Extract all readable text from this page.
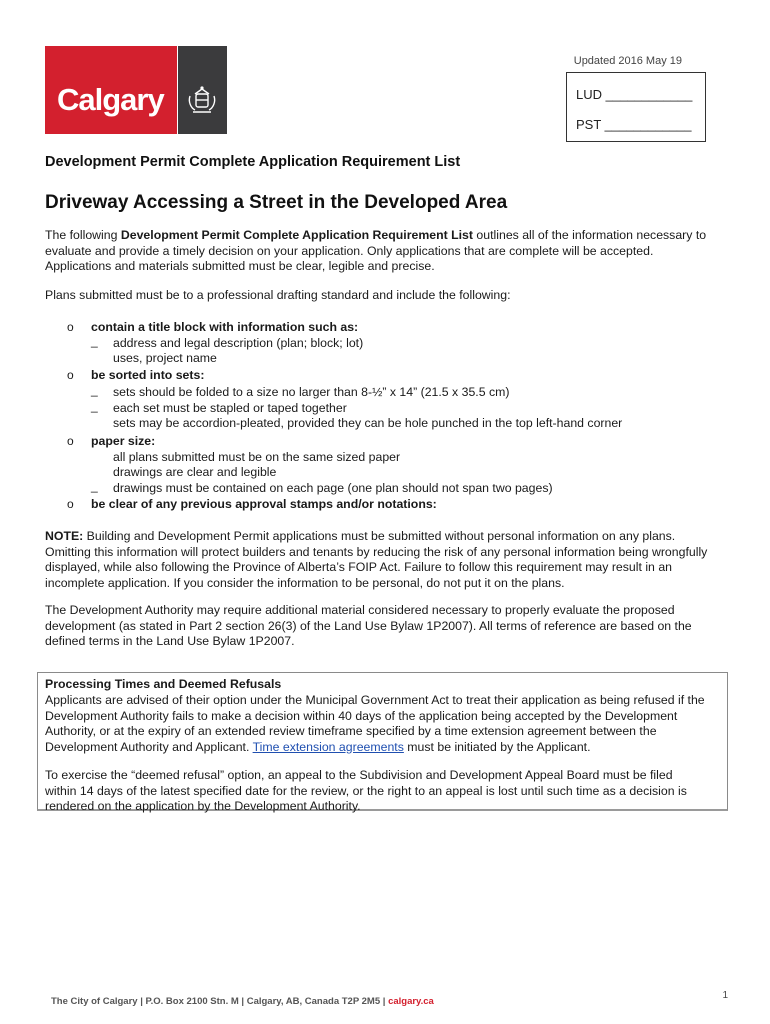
Calgary
Updated 2016 May 19
LUD ____________
PST ____________
Development Permit Complete Application Requirement List
Driveway Accessing a Street in the Developed Area
The following Development Permit Complete Application Requirement List outlines all of the information necessary to
evaluate and provide a timely decision on your application. Only applications that are complete will be accepted.
Applications and materials submitted must be clear, legible and precise.
Plans submitted must be to a professional drafting standard and include the following:
o contain a title block with information such as:
_ address and legal description (plan; block; lot)
uses, project name
o be sorted into sets:
_ sets should be folded to a size no larger than 8-½” x 14” (21.5 x 35.5 cm)
_ each set must be stapled or taped together
sets may be accordion-pleated, provided they can be hole punched in the top left-hand corner
o paper size:
all plans submitted must be on the same sized paper
drawings are clear and legible
_ drawings must be contained on each page (one plan should not span two pages)
o be clear of any previous approval stamps and/or notations:
NOTE: Building and Development Permit applications must be submitted without personal information on any plans.
Omitting this information will protect builders and tenants by reducing the risk of any personal information being wrongfully
displayed, while also following the Province of Alberta’s FOIP Act. Failure to follow this requirement may result in an
incomplete application. If you consider the information to be personal, do not put it on the plans.
The Development Authority may require additional material considered necessary to properly evaluate the proposed
development (as stated in Part 2 section 26(3) of the Land Use Bylaw 1P2007). All terms of reference are based on the
defined terms in the Land Use Bylaw 1P2007.
Processing Times and Deemed Refusals
Applicants are advised of their option under the Municipal Government Act to treat their application as being refused if the
Development Authority fails to make a decision within 40 days of the application being accepted by the Development
Authority, or at the expiry of an extended review timeframe specified by a time extension agreement between the
Development Authority and Applicant. Time extension agreements must be initiated by the Applicant.
To exercise the “deemed refusal” option, an appeal to the Subdivision and Development Appeal Board must be filed
within 14 days of the latest specified date for the review, or the right to an appeal is lost until such time as a decision is
rendered on the application by the Development Authority.
The City of Calgary | P.O. Box 2100 Stn. M | Calgary, AB, Canada T2P 2M5 | calgary.ca
1
